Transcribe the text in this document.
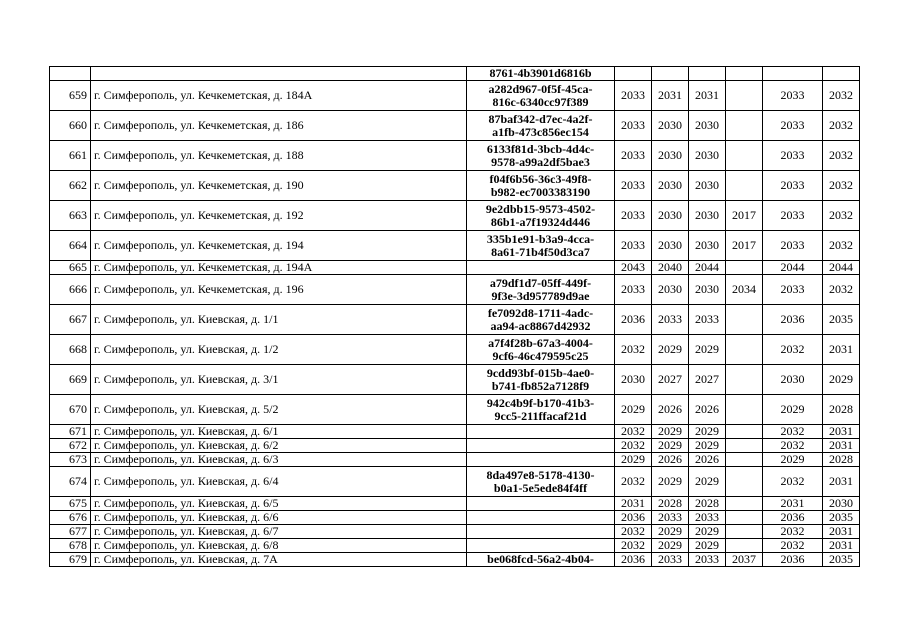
		8761-4b3901d6816b						
659	г. Симферополь, ул. Кечкеметская, д. 184А	a282d967-0f5f-45ca-
816c-6340cc97f389	2033	2031	2031		2033	2032
660	г. Симферополь, ул. Кечкеметская, д. 186	87baf342-d7ec-4a2f-
a1fb-473c856ec154	2033	2030	2030		2033	2032
661	г. Симферополь, ул. Кечкеметская, д. 188	6133f81d-3bcb-4d4c-
9578-a99a2df5bae3	2033	2030	2030		2033	2032
662	г. Симферополь, ул. Кечкеметская, д. 190	f04f6b56-36c3-49f8-
b982-ec7003383190	2033	2030	2030		2033	2032
663	г. Симферополь, ул. Кечкеметская, д. 192	9e2dbb15-9573-4502-
86b1-a7f19324d446	2033	2030	2030	2017	2033	2032
664	г. Симферополь, ул. Кечкеметская, д. 194	335b1e91-b3a9-4cca-
8a61-71b4f50d3ca7	2033	2030	2030	2017	2033	2032
665	г. Симферополь, ул. Кечкеметская, д. 194А		2043	2040	2044		2044	2044
666	г. Симферополь, ул. Кечкеметская, д. 196	a79df1d7-05ff-449f-
9f3e-3d957789d9ae	2033	2030	2030	2034	2033	2032
667	г. Симферополь, ул. Киевская, д. 1/1	fe7092d8-1711-4adc-
aa94-ac8867d42932	2036	2033	2033		2036	2035
668	г. Симферополь, ул. Киевская, д. 1/2	a7f4f28b-67a3-4004-
9cf6-46c479595c25	2032	2029	2029		2032	2031
669	г. Симферополь, ул. Киевская, д. 3/1	9cdd93bf-015b-4ae0-
b741-fb852a7128f9	2030	2027	2027		2030	2029
670	г. Симферополь, ул. Киевская, д. 5/2	942c4b9f-b170-41b3-
9cc5-211ffacaf21d	2029	2026	2026		2029	2028
671	г. Симферополь, ул. Киевская, д. 6/1		2032	2029	2029		2032	2031
672	г. Симферополь, ул. Киевская, д. 6/2		2032	2029	2029		2032	2031
673	г. Симферополь, ул. Киевская, д. 6/3		2029	2026	2026		2029	2028
674	г. Симферополь, ул. Киевская, д. 6/4	8da497e8-5178-4130-
b0a1-5e5ede84f4ff	2032	2029	2029		2032	2031
675	г. Симферополь, ул. Киевская, д. 6/5		2031	2028	2028		2031	2030
676	г. Симферополь, ул. Киевская, д. 6/6		2036	2033	2033		2036	2035
677	г. Симферополь, ул. Киевская, д. 6/7		2032	2029	2029		2032	2031
678	г. Симферополь, ул. Киевская, д. 6/8		2032	2029	2029		2032	2031
679	г. Симферополь, ул. Киевская, д. 7А	be068fcd-56a2-4b04-	2036	2033	2033	2037	2036	2035
